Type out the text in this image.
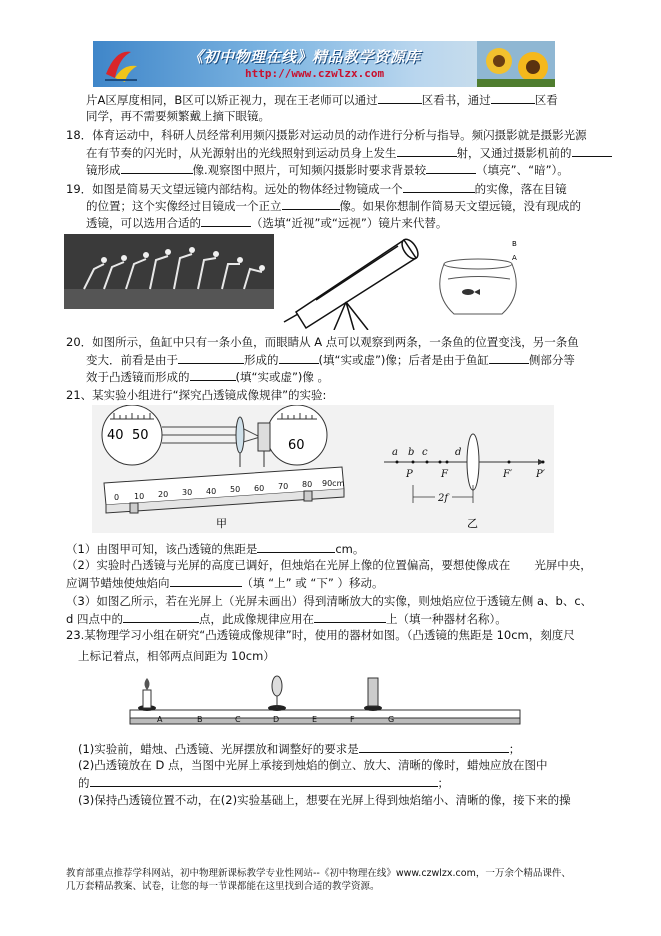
《初中物理在线》精品教学资源库
http://www.czwlzx.com
片A区厚度相同，B区可以矫正视力，现在王老师可以通过	区看书，通过	区看
同学，再不需要频繁戴上摘下眼镜。
18．体育运动中，科研人员经常利用频闪摄影对运动员的动作进行分析与指导。频闪摄影就是摄影光源
在有节奏的闪光时，从光源射出的光线照射到运动员身上发生	射，又通过摄影机前的
镜形成	像.观察图中照片，可知频闪摄影时要求背景较	（填亮”、“暗”）。
19．如图是简易天文望远镜内部结构。远处的物体经过物镜成一个	的实像，落在目镜
的位置；这个实像经过目镜成一个正立	像。如果你想制作简易天文望远镜，没有现成的
透镜，可以选用合适的	（选填“近视”或“远视”）镜片来代替。
B
A
20．如图所示，鱼缸中只有一条小鱼，而眼睛从 A 点可以观察到两条，一条鱼的位置变浅，另一条鱼
变大．前看是由于	形成的	(填“实或虚”)像；后者是由于鱼缸	侧部分等
效于凸透镜而形成的	(填“实或虚”)像 。
21、某实验小组进行“探究凸透镜成像规律”的实验:
40 50
60
0 10 20 30 40 50 60 70 80 90cm
甲
a b c	d
P	F	F′ P′
2f
乙
（1）由图甲可知，该凸透镜的焦距是	cm。
（2）实验时凸透镜与光屏的高度已调好，但烛焰在光屏上像的位置偏高，要想使像成在 光屏中央，
应调节蜡烛使烛焰向	（填 “上” 或 “下” ）移动。
（3）如图乙所示，若在光屏上（光屏未画出）得到清晰放大的实像，则烛焰应位于透镜左侧 a、b、c、
d 四点中的	点，此成像规律应用在	上（填一种器材名称）。
23.某物理学习小组在研究“凸透镜成像规律”时，使用的器材如图。（凸透镜的焦距是 10cm，刻度尺
上标记着点，相邻两点间距为 10cm）
A	B	C	D	E	F	G
(1)实验前，蜡烛、凸透镜、光屏摆放和调整好的要求是	；
(2)凸透镜放在 D 点，当图中光屏上承接到烛焰的倒立、放大、清晰的像时，蜡烛应放在图中
的	；
(3)保持凸透镜位置不动，在(2)实验基础上，想要在光屏上得到烛焰缩小、清晰的像，接下来的操
教育部重点推荐学科网站，初中物理新课标教学专业性网站--《初中物理在线》www.czwlzx.com，一万余个精品课件、
几万套精品教案、试卷，让您的每一节课都能在这里找到合适的教学资源。
